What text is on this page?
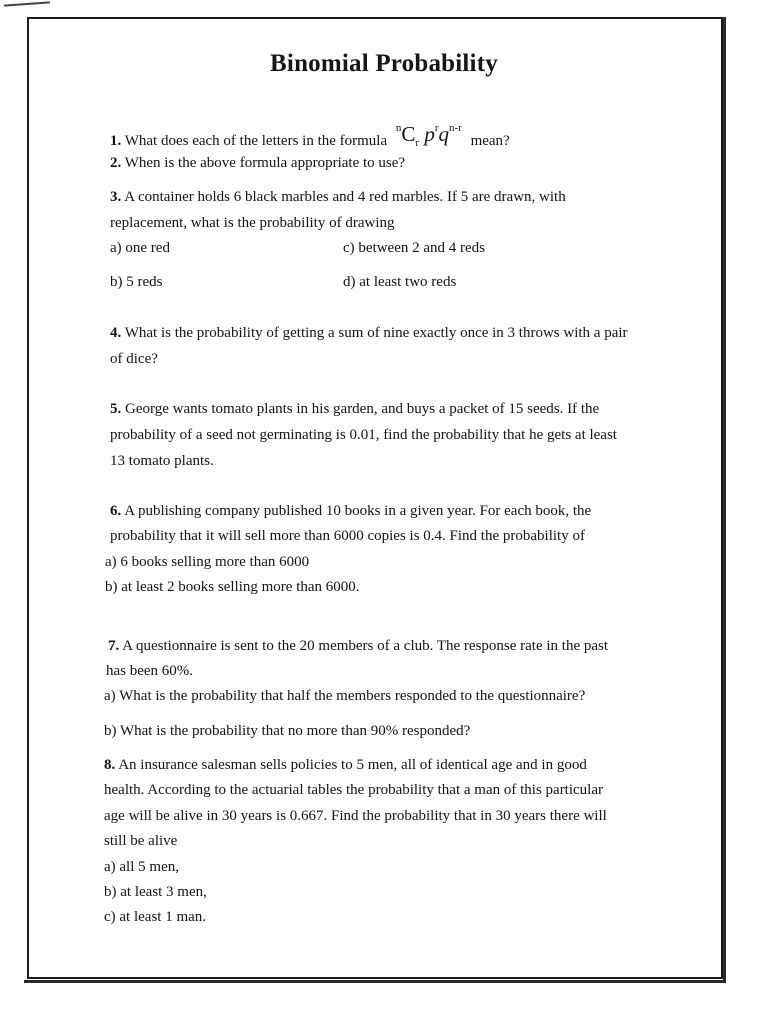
Binomial Probability
1. What does each of the letters in the formula $^nC_r$ $p^rq^{n-r}$ mean?
2. When is the above formula appropriate to use?
3. A container holds 6 black marbles and 4 red marbles. If 5 are drawn, with
replacement, what is the probability of drawing
a) one red	c) between 2 and 4 reds
b) 5 reds	d) at least two reds
4. What is the probability of getting a sum of nine exactly once in 3 throws with a pair
of dice?
5. George wants tomato plants in his garden, and buys a packet of 15 seeds. If the
probability of a seed not germinating is 0.01, find the probability that he gets at least
13 tomato plants.
6. A publishing company published 10 books in a given year. For each book, the
probability that it will sell more than 6000 copies is 0.4. Find the probability of
a) 6 books selling more than 6000
b) at least 2 books selling more than 6000.
7. A questionnaire is sent to the 20 members of a club. The response rate in the past
has been 60%.
a) What is the probability that half the members responded to the questionnaire?
b) What is the probability that no more than 90% responded?
8. An insurance salesman sells policies to 5 men, all of identical age and in good
health. According to the actuarial tables the probability that a man of this particular
age will be alive in 30 years is 0.667. Find the probability that in 30 years there will
still be alive
a) all 5 men,
b) at least 3 men,
c) at least 1 man.
